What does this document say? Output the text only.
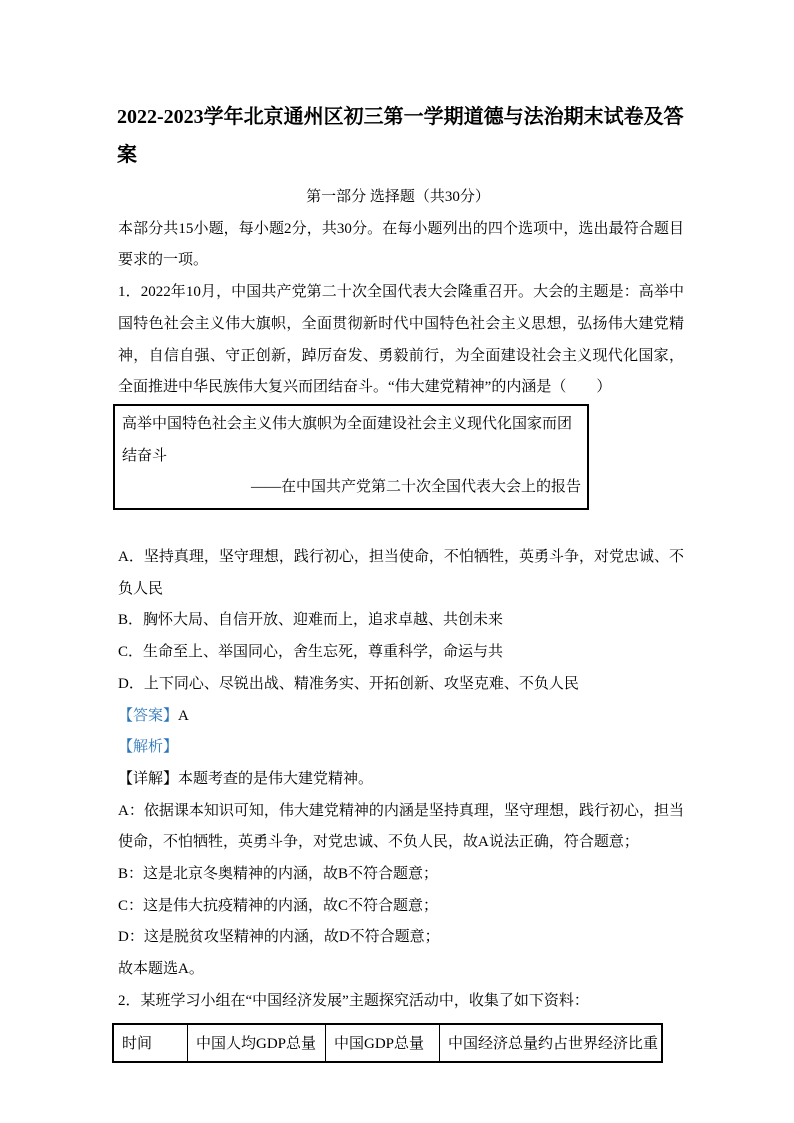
2022-2023学年北京通州区初三第一学期道德与法治期末试卷及答案
第一部分 选择题（共30分）

本部分共15小题，每小题2分，共30分。在每小题列出的四个选项中，选出最符合题目要求的一项。

1．2022年10月，中国共产党第二十次全国代表大会隆重召开。大会的主题是：高举中国特色社会主义伟大旗帜，全面贯彻新时代中国特色社会主义思想，弘扬伟大建党精神，自信自强、守正创新，踔厉奋发、勇毅前行，为全面建设社会主义现代化国家，全面推进中华民族伟大复兴而团结奋斗。“伟大建党精神”的内涵是（　　）

高举中国特色社会主义伟大旗帜为全面建设社会主义现代化国家而团结奋斗
——在中国共产党第二十次全国代表大会上的报告

A．坚持真理，坚守理想，践行初心，担当使命，不怕牺牲，英勇斗争，对党忠诚、不负人民

B．胸怀大局、自信开放、迎难而上，追求卓越、共创未来

C．生命至上、举国同心，舍生忘死，尊重科学，命运与共

D．上下同心、尽锐出战、精准务实、开拓创新、攻坚克难、不负人民

【答案】A

【解析】

【详解】本题考查的是伟大建党精神。

A：依据课本知识可知，伟大建党精神的内涵是坚持真理，坚守理想，践行初心，担当使命，不怕牺牲，英勇斗争，对党忠诚、不负人民，故A说法正确，符合题意；

B：这是北京冬奥精神的内涵，故B不符合题意；

C：这是伟大抗疫精神的内涵，故C不符合题意；

D：这是脱贫攻坚精神的内涵，故D不符合题意；

故本题选A。

2．某班学习小组在“中国经济发展”主题探究活动中，收集了如下资料：

时间	中国人均GDP总量	中国GDP总量	中国经济总量约占世界经济比重
